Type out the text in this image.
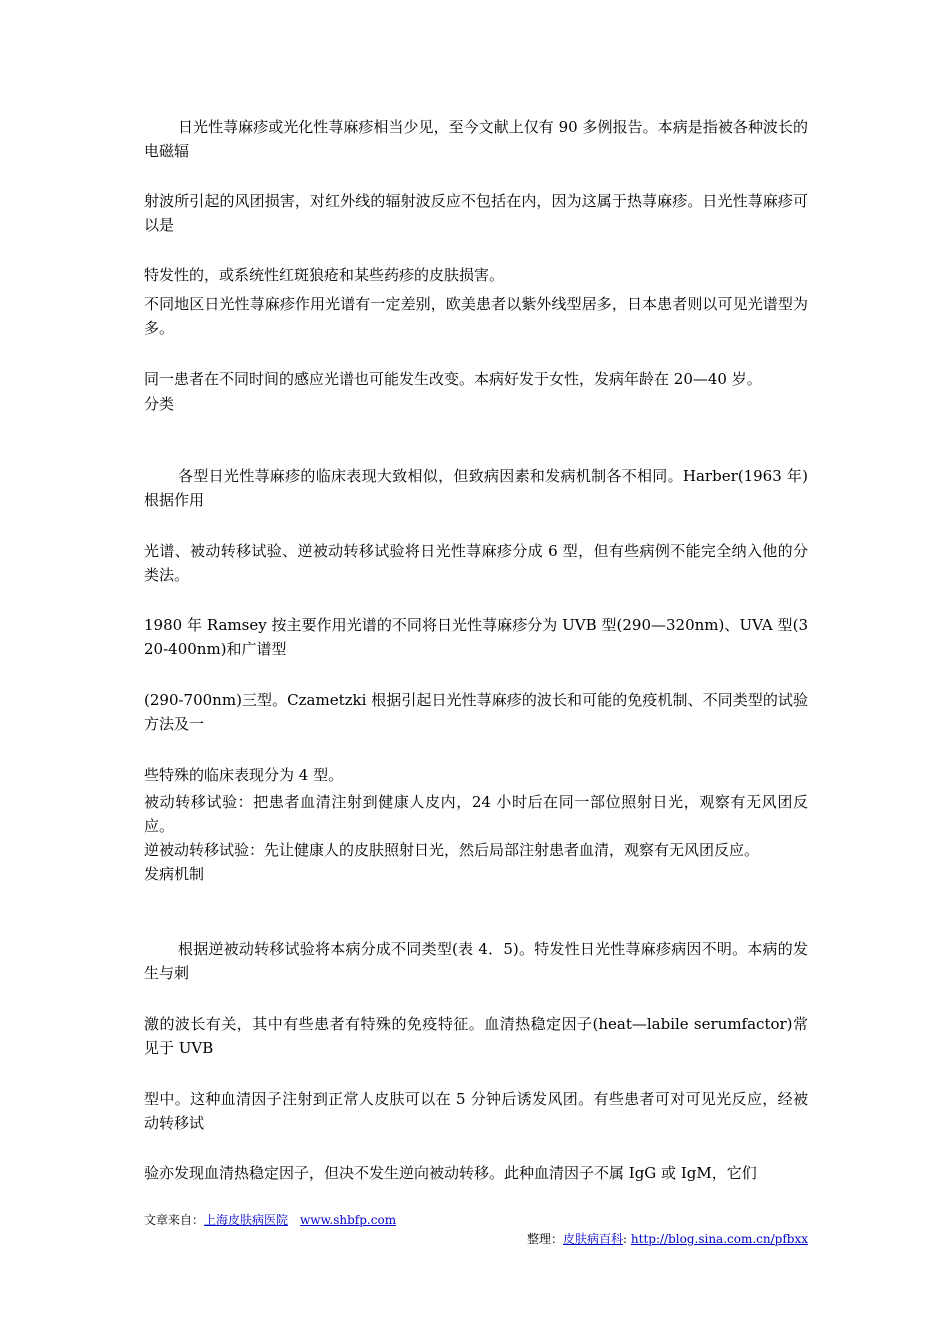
日光性荨麻疹或光化性荨麻疹相当少见，至今文献上仅有 90 多例报告。本病是指被各种波长的电磁辐
射波所引起的风团损害，对红外线的辐射波反应不包括在内，因为这属于热荨麻疹。日光性荨麻疹可以是
特发性的，或系统性红斑狼疮和某些药疹的皮肤损害。
不同地区日光性荨麻疹作用光谱有一定差别，欧美患者以紫外线型居多，日本患者则以可见光谱型为多。
同一患者在不同时间的感应光谱也可能发生改变。本病好发于女性，发病年龄在 20—40 岁。
分类
各型日光性荨麻疹的临床表现大致相似，但致病因素和发病机制各不相同。Harber(1963 年)根据作用
光谱、被动转移试验、逆被动转移试验将日光性荨麻疹分成 6 型，但有些病例不能完全纳入他的分类法。
1980 年 Ramsey 按主要作用光谱的不同将日光性荨麻疹分为 UVB 型(290—320nm)、UVA 型(320-400nm)和广谱型
(290-700nm)三型。Czametzki 根据引起日光性荨麻疹的波长和可能的免疫机制、不同类型的试验方法及一
些特殊的临床表现分为 4 型。
被动转移试验：把患者血清注射到健康人皮内，24 小时后在同一部位照射日光，观察有无风团反应。
逆被动转移试验：先让健康人的皮肤照射日光，然后局部注射患者血清，观察有无风团反应。
发病机制
根据逆被动转移试验将本病分成不同类型(表 4．5)。特发性日光性荨麻疹病因不明。本病的发生与刺
激的波长有关，其中有些患者有特殊的免疫特征。血清热稳定因子(heat—labile serumfactor)常见于 UVB
型中。这种血清因子注射到正常人皮肤可以在 5 分钟后诱发风团。有些患者可对可见光反应，经被动转移试
验亦发现血清热稳定因子，但决不发生逆向被动转移。此种血清因子不属 IgG 或 IgM，它们
文章来自：上海皮肤病医院 www.shbfp.com
整理：皮肤病百科: http://blog.sina.com.cn/pfbxx
